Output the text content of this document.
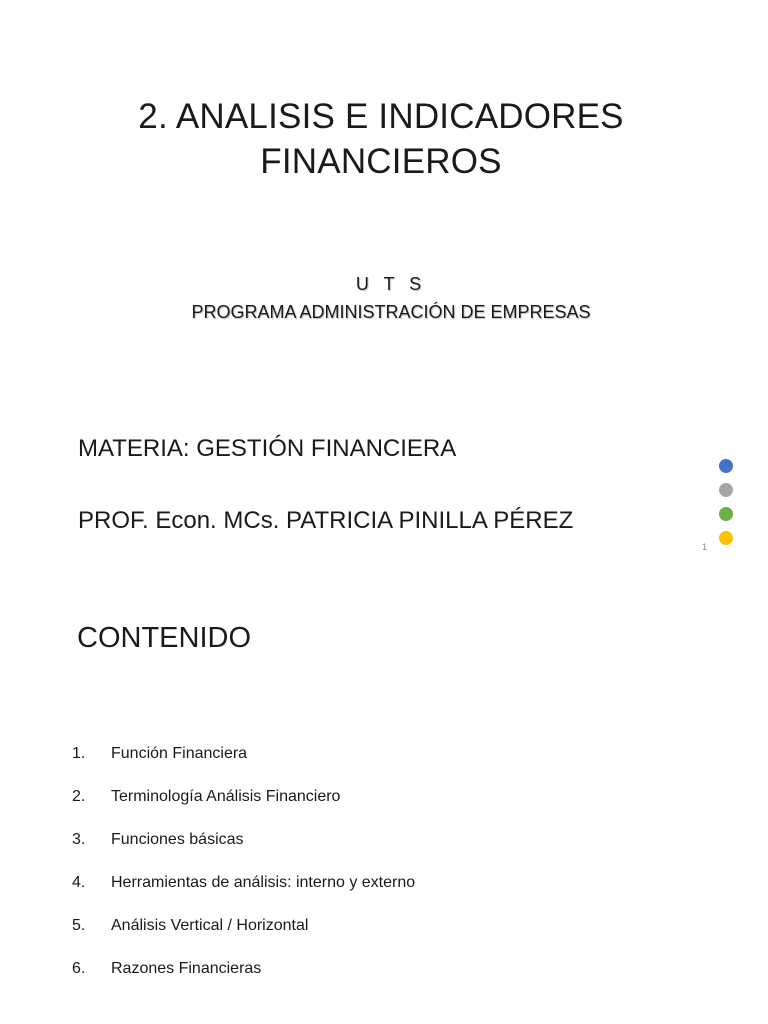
2. ANALISIS E INDICADORES
FINANCIEROS
U T S
PROGRAMA ADMINISTRACIÓN DE EMPRESAS
MATERIA: GESTIÓN FINANCIERA
PROF. Econ. MCs. PATRICIA PINILLA PÉREZ
1
CONTENIDO
1.	Función Financiera
2.	Terminología Análisis Financiero
3.	Funciones básicas
4.	Herramientas de análisis: interno y externo
5.	Análisis Vertical / Horizontal
6.	Razones Financieras
